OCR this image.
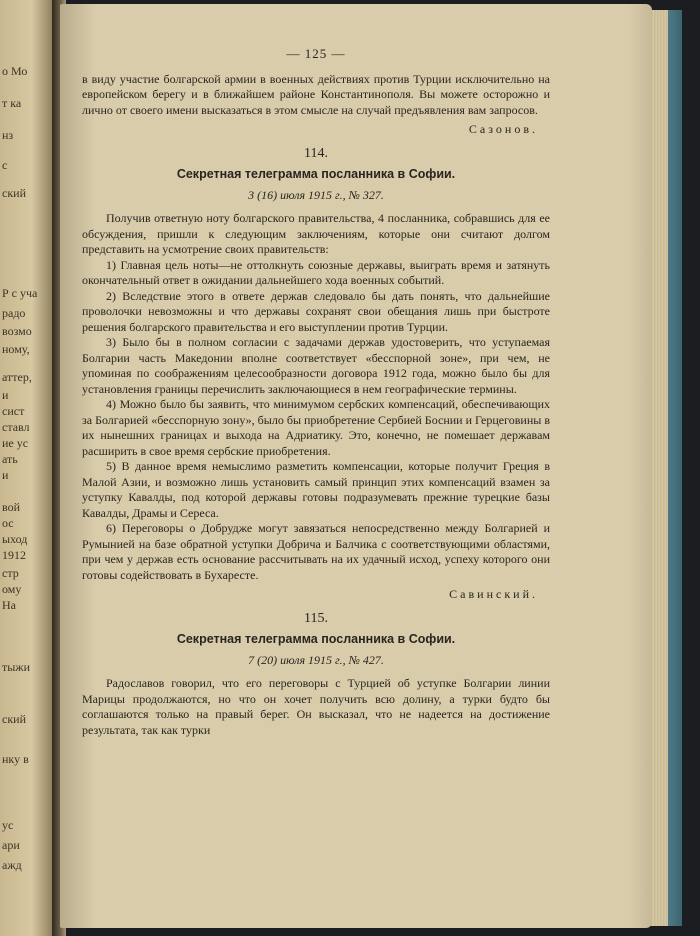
о Мо
т ка
нз
с
ский
Р с уча
радо
возмо
ному,
аттер,
и
сист
ставл
ие ус
ать
и
вой
ос
ыход
1912
стр
ому
На
тыжи
ский
нку в
ус
ари
ажд
— 125 —

в виду участие болгарской армии в военных действиях против Турции исключительно на европейском берегу и в ближайшем районе Константинополя. Вы можете осторожно и лично от своего имени высказаться в этом смысле на случай предъявления вам запросов.

Сазонов.
114.
Секретная телеграмма посланника в Софии.
3 (16) июля 1915 г., № 327.

Получив ответную ноту болгарского правительства, 4 посланника, собравшись для ее обсуждения, пришли к следующим заключениям, которые они считают долгом представить на усмотрение своих правительств:

1) Главная цель ноты—не оттолкнуть союзные державы, выиграть время и затянуть окончательный ответ в ожидании дальнейшего хода военных событий.

2) Вследствие этого в ответе держав следовало бы дать понять, что дальнейшие проволочки невозможны и что державы сохранят свои обещания лишь при быстроте решения болгарского правительства и его выступлении против Турции.

3) Было бы в полном согласии с задачами держав удостоверить, что уступаемая Болгарии часть Македонии вполне соответствует «бесспорной зоне», при чем, не упоминая по соображениям целесообразности договора 1912 года, можно было бы для установления границы перечислить заключающиеся в нем географические термины.

4) Можно было бы заявить, что минимумом сербских компенсаций, обеспечивающих за Болгарией «бесспорную зону», было бы приобретение Сербией Боснии и Герцеговины в их нынешних границах и выхода на Адриатику. Это, конечно, не помешает державам расширить в свое время сербские приобретения.

5) В данное время немыслимо разметить компенсации, которые получит Греция в Малой Азии, и возможно лишь установить самый принцип этих компенсаций взамен за уступку Кавалды, под которой державы готовы подразумевать прежние турецкие базы Кавалды, Драмы и Сереса.

6) Переговоры о Добрудже могут завязаться непосредственно между Болгарией и Румынией на базе обратной уступки Добрича и Балчика с соответствующими областями, при чем у держав есть основание рассчитывать на их удачный исход, успеху которого они готовы содействовать в Бухаресте.

Савинский.
115.
Секретная телеграмма посланника в Софии.
7 (20) июля 1915 г., № 427.

Радославов говорил, что его переговоры с Турцией об уступке Болгарии линии Марицы продолжаются, но что он хочет получить всю долину, а турки будто бы соглашаются только на правый берег. Он высказал, что не надеется на достижение результата, так как турки
